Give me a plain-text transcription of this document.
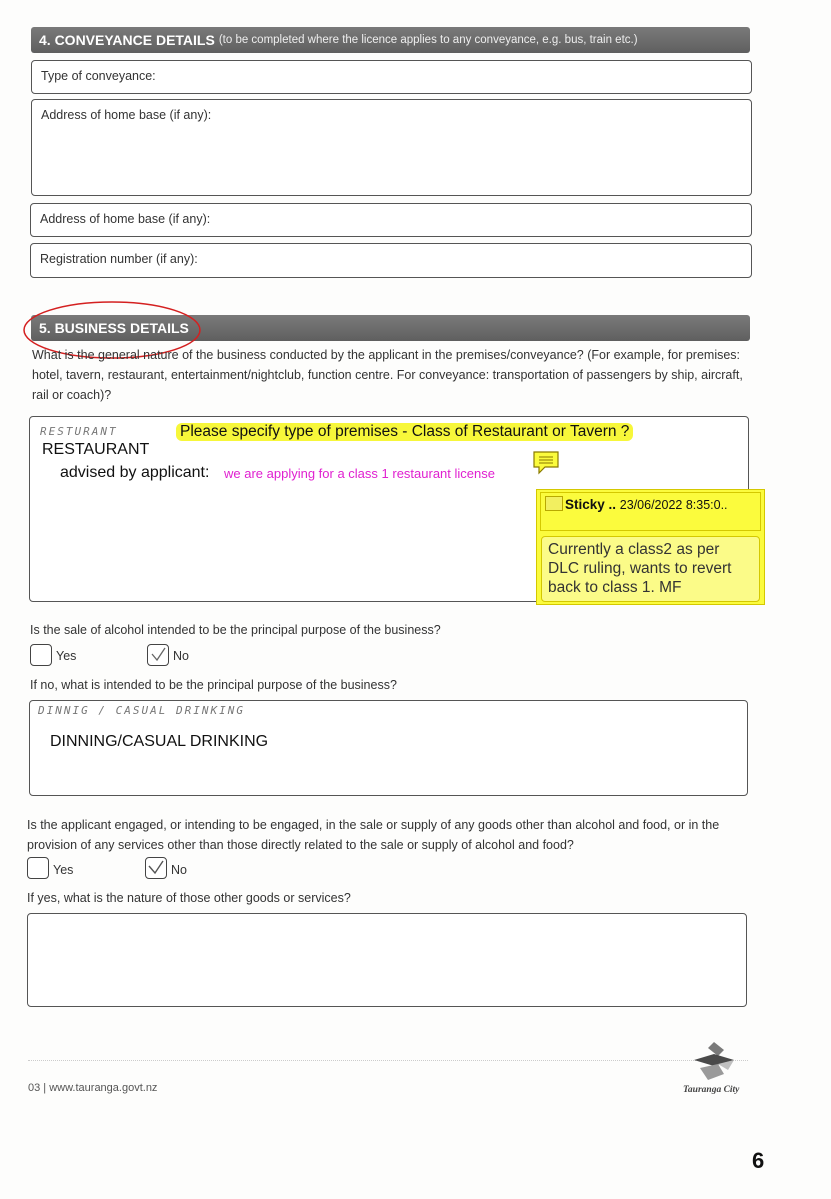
4. CONVEYANCE DETAILS (to be completed where the licence applies to any conveyance, e.g. bus, train etc.)
Type of conveyance:
Address of home base (if any):
Address of home base (if any):
Registration number (if any):
5. BUSINESS DETAILS
What is the general nature of the business conducted by the applicant in the premises/conveyance? (For example, for premises: hotel, tavern, restaurant, entertainment/nightclub, function centre. For conveyance: transportation of passengers by ship, aircraft, rail or coach)?
RESTURANT	Please specify type of premises - Class of Restaurant or Tavern ?
RESTAURANT
advised by applicant: we are applying for a class 1 restaurant license
Sticky .. 23/06/2022 8:35:0..
Currently a class2 as per DLC ruling, wants to revert back to class 1. MF
Is the sale of alcohol intended to be the principal purpose of the business?
Yes	No
If no, what is intended to be the principal purpose of the business?
DINNIG / CASUAL DRINKING
DINNING/CASUAL DRINKING
Is the applicant engaged, or intending to be engaged, in the sale or supply of any goods other than alcohol and food, or in the provision of any services other than those directly related to the sale or supply of alcohol and food?
Yes	No
If yes, what is the nature of those other goods or services?
03 | www.tauranga.govt.nz	Tauranga City
6
